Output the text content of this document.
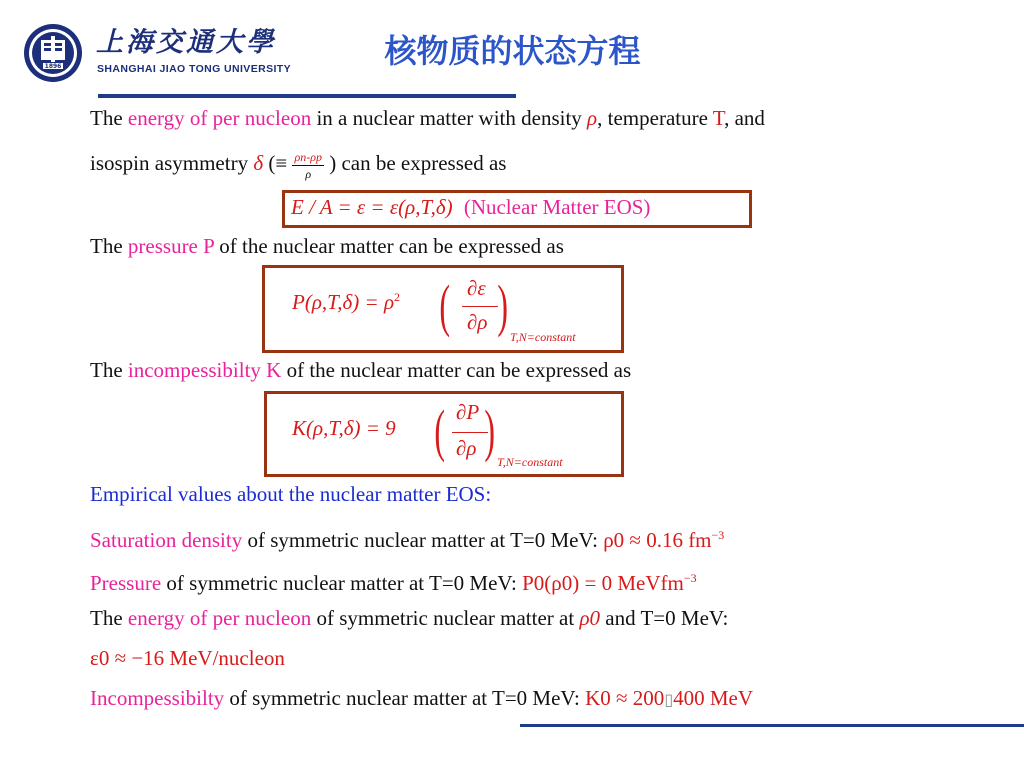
1896
上海交通大學
SHANGHAI JIAO TONG UNIVERSITY	核物质的状态方程
The energy of per nucleon in a nuclear matter with density ρ, temperature T, and
isospin asymmetry δ (≡ $\frac{\rho n-\rho p}{\rho}$ ) can be expressed as
E / A = ε = ε(ρ,T,δ) (Nuclear Matter EOS)
The pressure P of the nuclear matter can be expressed as
$P(\rho,T,\delta) = \rho^2$ ( ∂ε
∂ρ ) T,N=constant
The incompessibilty K of the nuclear matter can be expressed as
K(ρ,T,δ) = 9 ( ∂P
∂ρ ) T,N=constant
Empirical values about the nuclear matter EOS:
Saturation density of symmetric nuclear matter at T=0 MeV: ρ0 ≈ 0.16 $fm^{-3}$
Pressure of symmetric nuclear matter at T=0 MeV: P0(ρ0) = 0 MeVfm$^{-3}$
The energy of per nucleon of symmetric nuclear matter at ρ0 and T=0 MeV:
ε0 ≈ −16 MeV/nucleon
Incompessibilty of symmetric nuclear matter at T=0 MeV: K0 ≈ 200▯400 MeV
